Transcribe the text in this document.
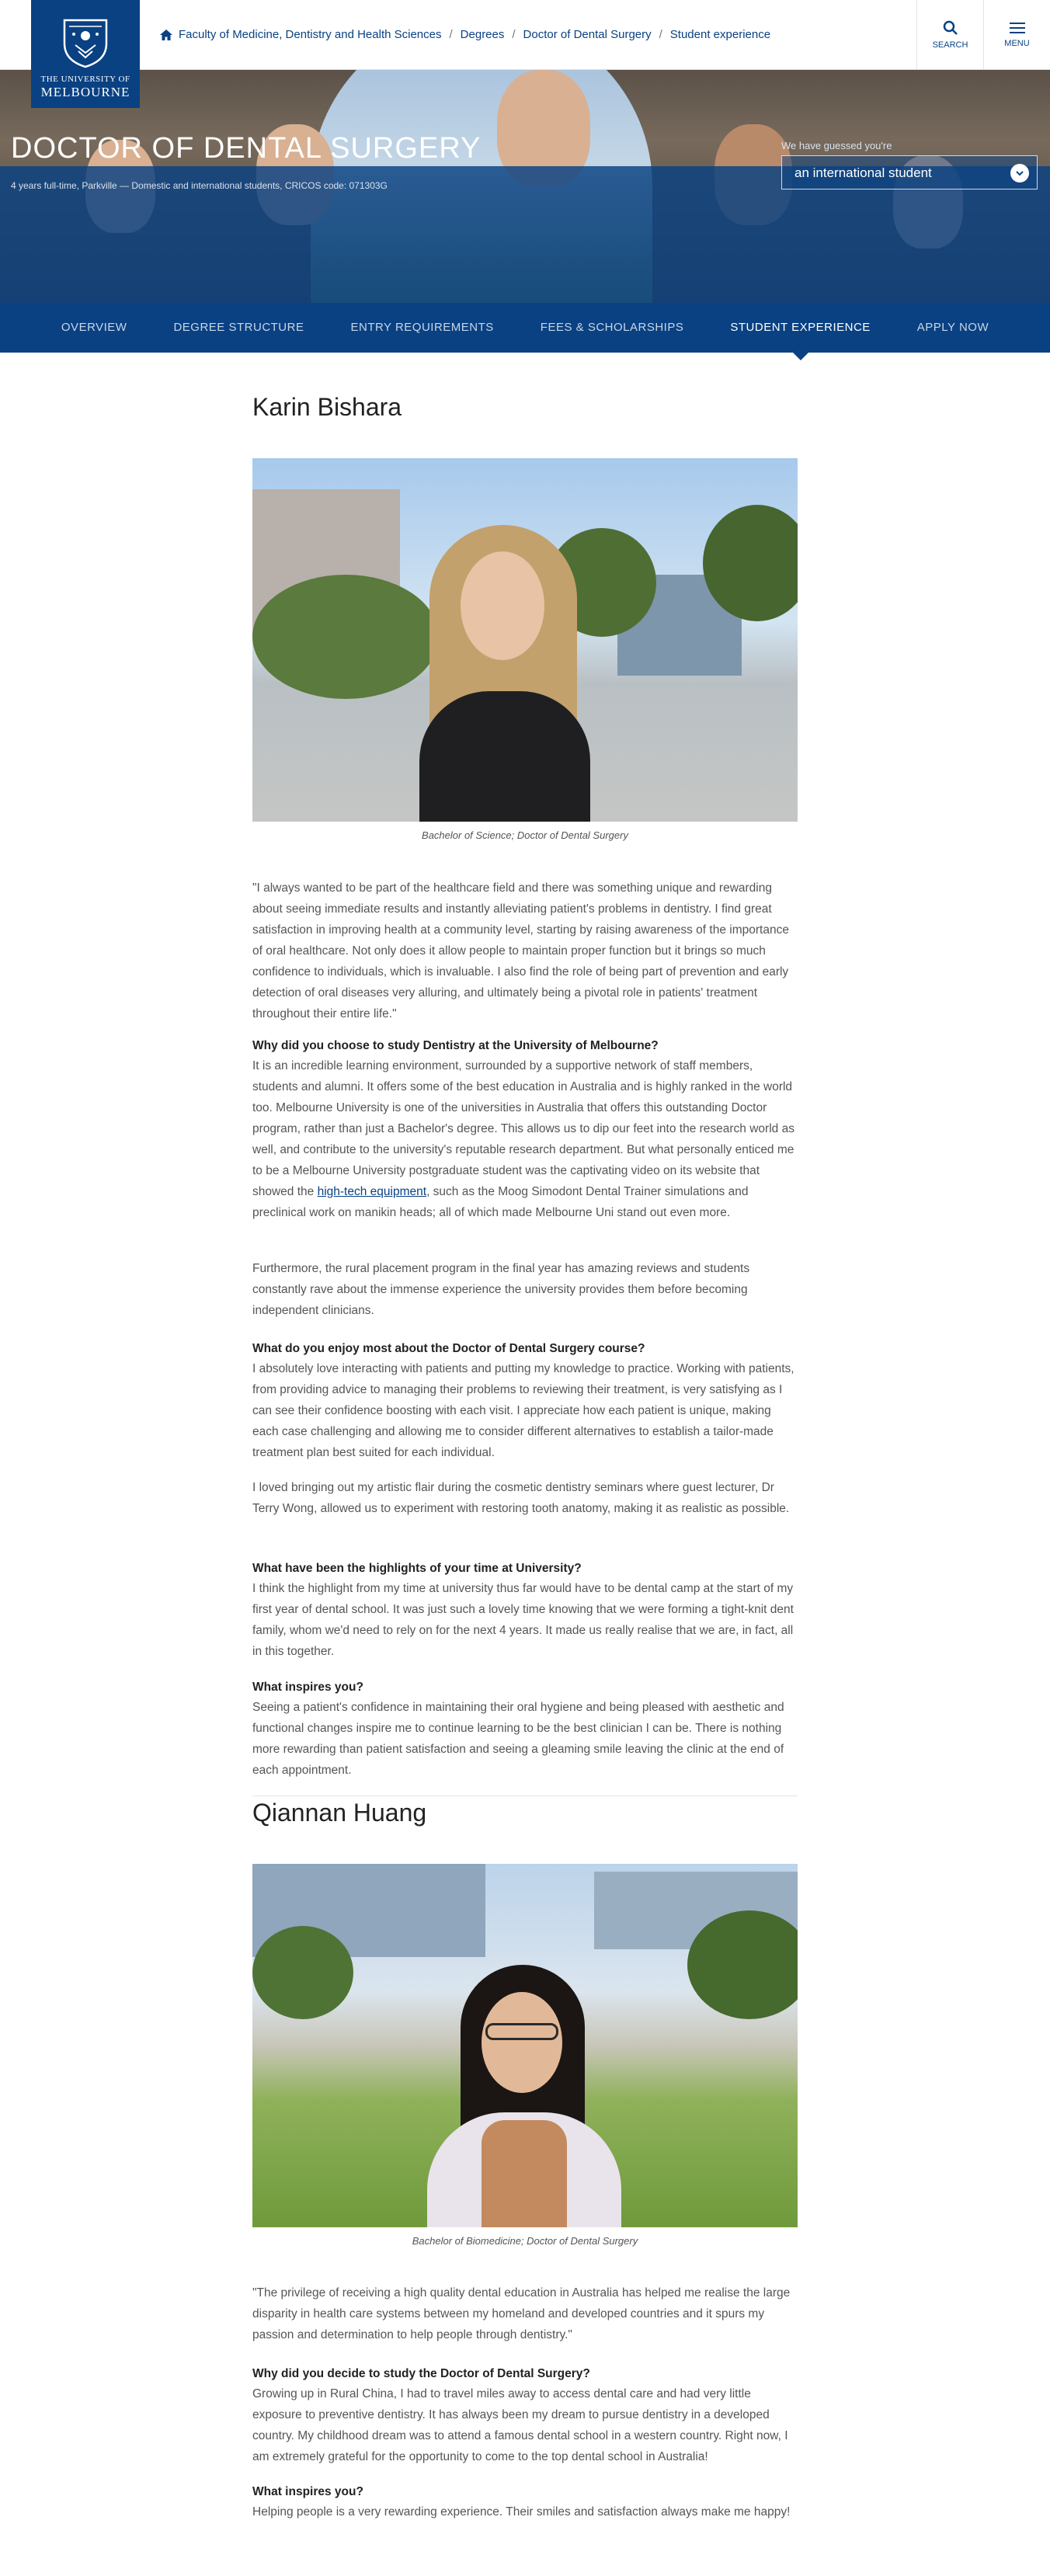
Faculty of Medicine, Dentistry and Health Sciences / Degrees / Doctor of Dental Surgery / Student experience
SEARCH	MENU
THE UNIVERSITY OF
MELBOURNE
DOCTOR OF DENTAL SURGERY
4 years full-time, Parkville — Domestic and international students, CRICOS code: 071303G
We have guessed you're
an international student
OVERVIEW	DEGREE STRUCTURE	ENTRY REQUIREMENTS	FEES & SCHOLARSHIPS	STUDENT EXPERIENCE	APPLY NOW
Karin Bishara
Bachelor of Science; Doctor of Dental Surgery

"I always wanted to be part of the healthcare field and there was something unique and rewarding about seeing immediate results and instantly alleviating patient's problems in dentistry. I find great satisfaction in improving health at a community level, starting by raising awareness of the importance of oral healthcare. Not only does it allow people to maintain proper function but it brings so much confidence to individuals, which is invaluable. I also find the role of being part of prevention and early detection of oral diseases very alluring, and ultimately being a pivotal role in patients' treatment throughout their entire life."

Why did you choose to study Dentistry at the University of Melbourne?

It is an incredible learning environment, surrounded by a supportive network of staff members, students and alumni. It offers some of the best education in Australia and is highly ranked in the world too. Melbourne University is one of the universities in Australia that offers this outstanding Doctor program, rather than just a Bachelor's degree. This allows us to dip our feet into the research world as well, and contribute to the university's reputable research department. But what personally enticed me to be a Melbourne University postgraduate student was the captivating video on its website that showed the high-tech equipment, such as the Moog Simodont Dental Trainer simulations and preclinical work on manikin heads; all of which made Melbourne Uni stand out even more.

Furthermore, the rural placement program in the final year has amazing reviews and students constantly rave about the immense experience the university provides them before becoming independent clinicians.

What do you enjoy most about the Doctor of Dental Surgery course?

I absolutely love interacting with patients and putting my knowledge to practice. Working with patients, from providing advice to managing their problems to reviewing their treatment, is very satisfying as I can see their confidence boosting with each visit. I appreciate how each patient is unique, making each case challenging and allowing me to consider different alternatives to establish a tailor-made treatment plan best suited for each individual.

I loved bringing out my artistic flair during the cosmetic dentistry seminars where guest lecturer, Dr Terry Wong, allowed us to experiment with restoring tooth anatomy, making it as realistic as possible.

What have been the highlights of your time at University?

I think the highlight from my time at university thus far would have to be dental camp at the start of my first year of dental school. It was just such a lovely time knowing that we were forming a tight-knit dent family, whom we'd need to rely on for the next 4 years. It made us really realise that we are, in fact, all in this together.

What inspires you?

Seeing a patient's confidence in maintaining their oral hygiene and being pleased with aesthetic and functional changes inspire me to continue learning to be the best clinician I can be. There is nothing more rewarding than patient satisfaction and seeing a gleaming smile leaving the clinic at the end of each appointment.

Qiannan Huang
Bachelor of Biomedicine; Doctor of Dental Surgery

"The privilege of receiving a high quality dental education in Australia has helped me realise the large disparity in health care systems between my homeland and developed countries and it spurs my passion and determination to help people through dentistry."

Why did you decide to study the Doctor of Dental Surgery?

Growing up in Rural China, I had to travel miles away to access dental care and had very little exposure to preventive dentistry. It has always been my dream to pursue dentistry in a developed country. My childhood dream was to attend a famous dental school in a western country. Right now, I am extremely grateful for the opportunity to come to the top dental school in Australia!

What inspires you?

Helping people is a very rewarding experience. Their smiles and satisfaction always make me happy!
